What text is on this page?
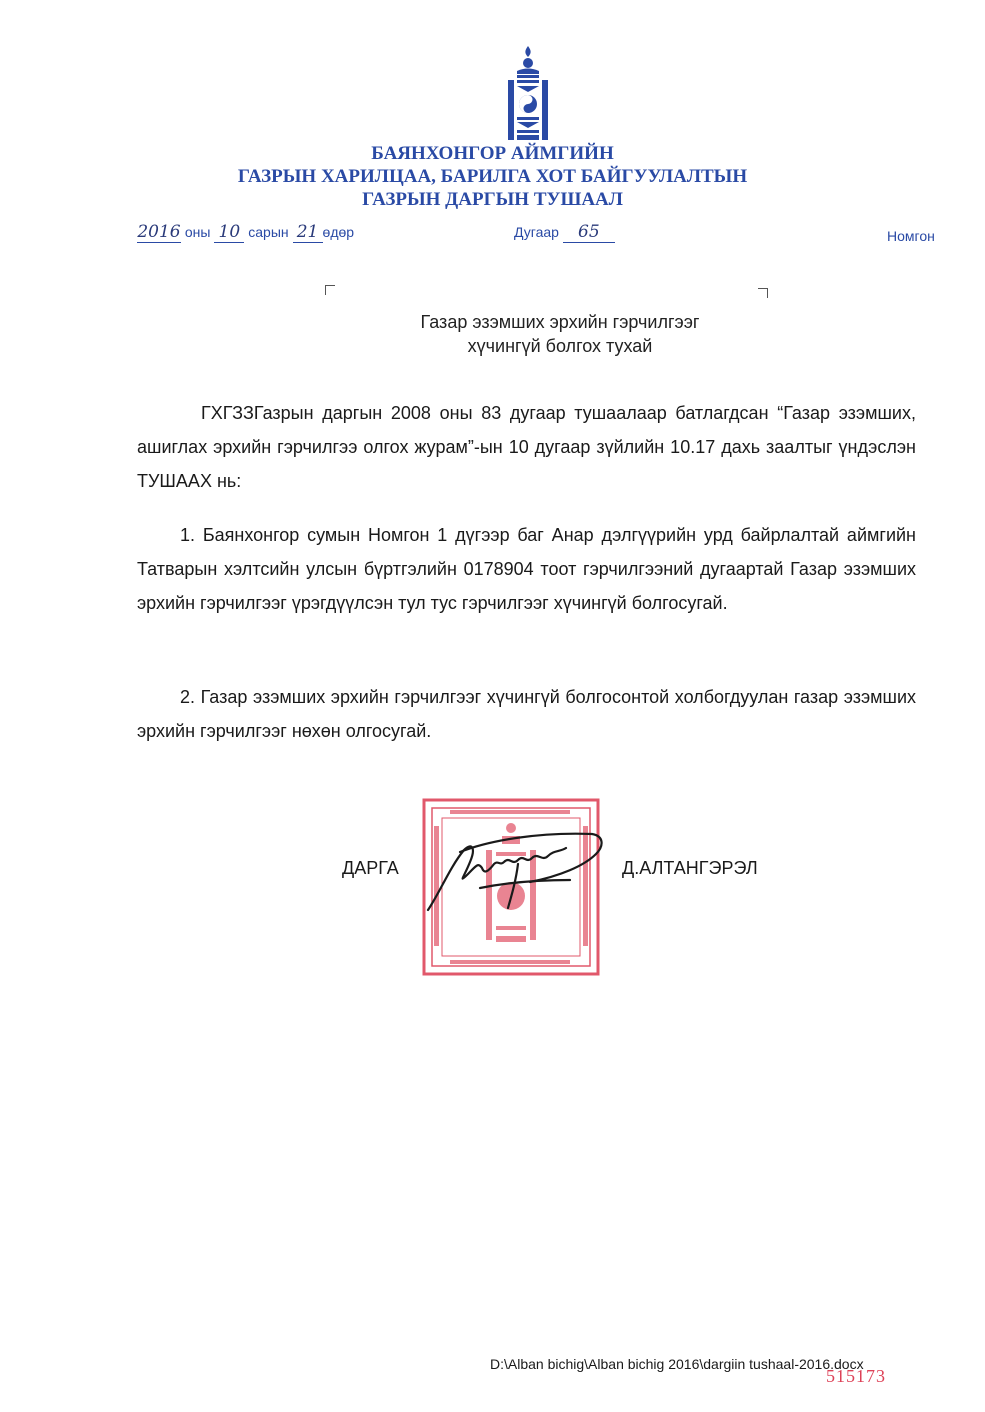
БАЯНХОНГОР АЙМГИЙН
ГАЗРЫН ХАРИЛЦАА, БАРИЛГА ХОТ БАЙГУУЛАЛТЫН
ГАЗРЫН ДАРГЫН ТУШААЛ
2016 оны 10 сарын 21 өдөр	Дугаар 65	Номгон
Газар эзэмших эрхийн гэрчилгээг
хүчингүй болгох тухай

ГХГЗЗГазрын даргын 2008 оны 83 дугаар тушаалаар батлагдсан “Газар эзэмших, ашиглах эрхийн гэрчилгээ олгох журам”-ын 10 дугаар зүйлийн 10.17 дахь заалтыг үндэслэн ТУШААХ нь:

1. Баянхонгор сумын Номгон 1 дүгээр баг Анар дэлгүүрийн урд байрлалтай аймгийн Татварын хэлтсийн улсын бүртгэлийн 0178904 тоот гэрчилгээний дугаартай Газар эзэмших эрхийн гэрчилгээг үрэгдүүлсэн тул тус гэрчилгээг хүчингүй болгосугай.

2. Газар эзэмших эрхийн гэрчилгээг хүчингүй болгосонтой холбогдуулан газар эзэмших эрхийн гэрчилгээг нөхөн олгосугай.

ДАРГА	Д.АЛТАНГЭРЭЛ
D:\Alban bichig\Alban bichig 2016\dargiin tushaal-2016.docx
515173
